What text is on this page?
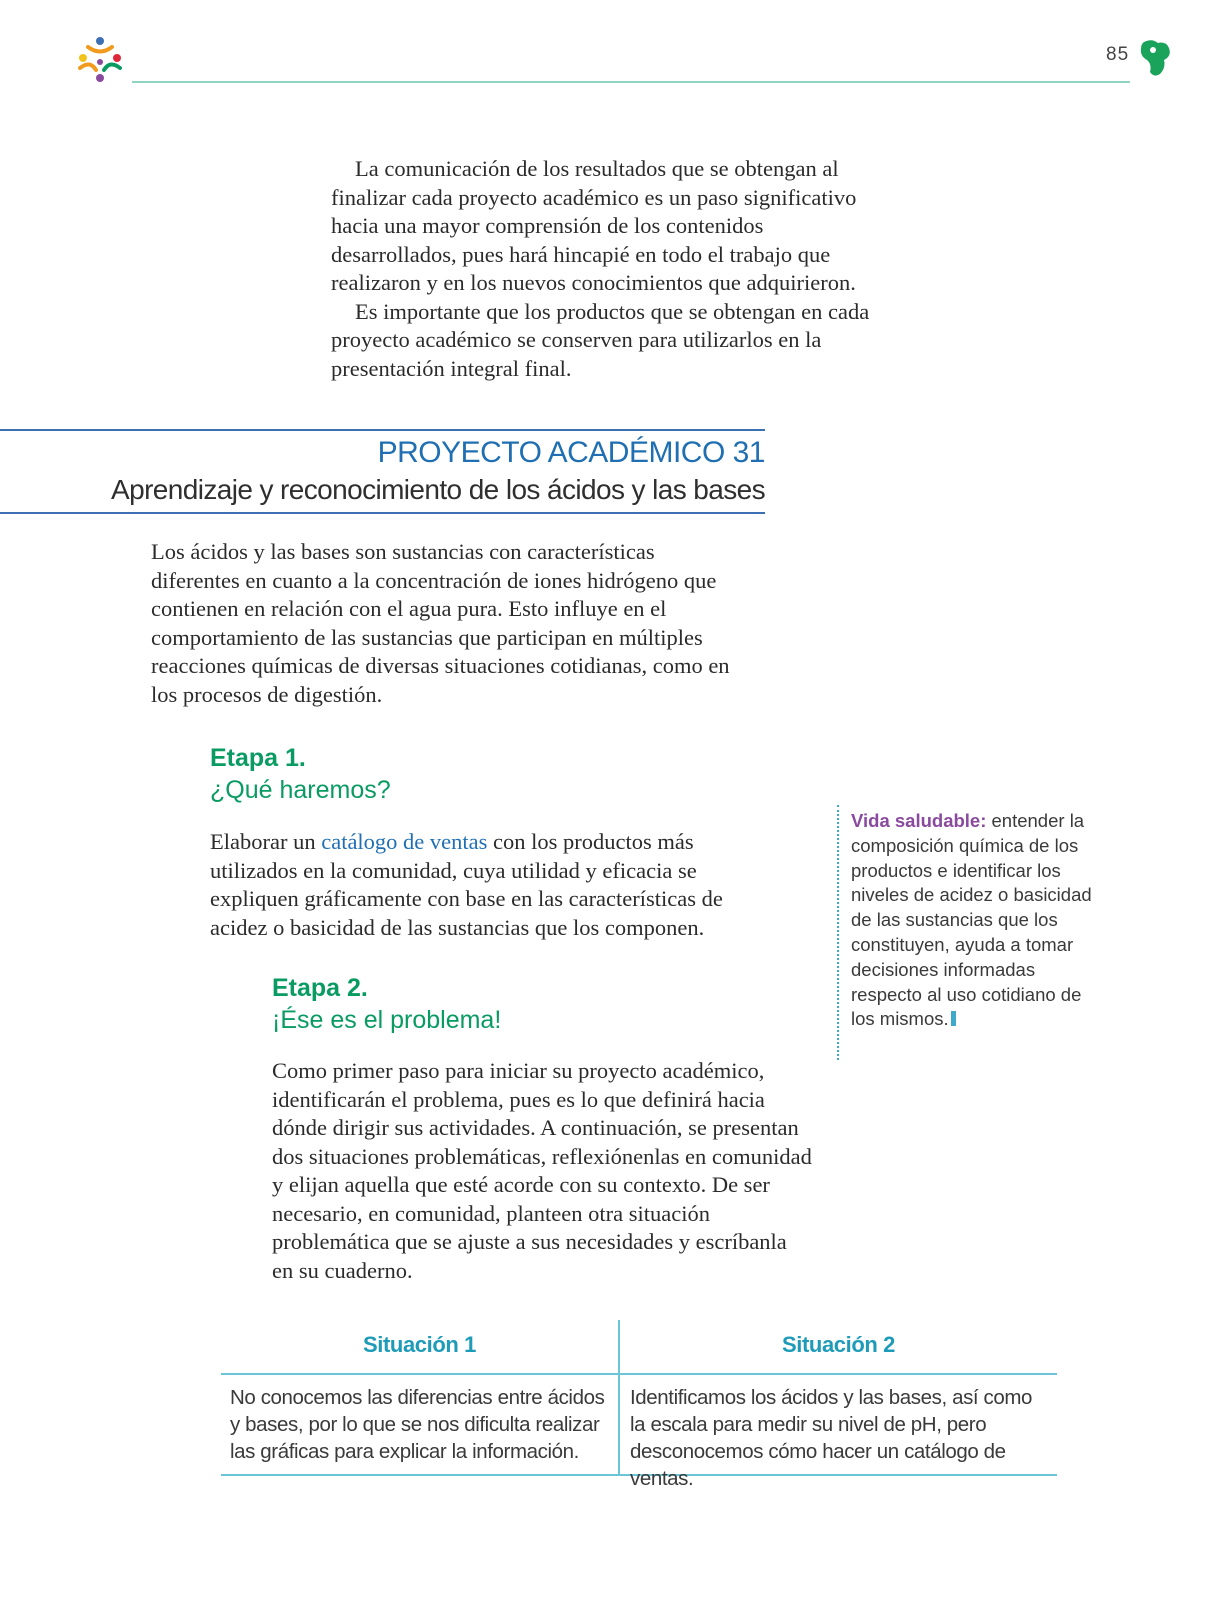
85

La comunicación de los resultados que se obtengan al finalizar cada proyecto académico es un paso significativo hacia una mayor comprensión de los contenidos desarrollados, pues hará hincapié en todo el trabajo que realizaron y en los nuevos conocimientos que adquirieron.

Es importante que los productos que se obtengan en cada proyecto académico se conserven para utilizarlos en la presentación integral final.

PROYECTO ACADÉMICO 31
Aprendizaje y reconocimiento de los ácidos y las bases
Los ácidos y las bases son sustancias con características diferentes en cuanto a la concentración de iones hidrógeno que contienen en relación con el agua pura. Esto influye en el comportamiento de las sustancias que participan en múltiples reacciones químicas de diversas situaciones cotidianas, como en los procesos de digestión.
Etapa 1.
¿Qué haremos?
Elaborar un catálogo de ventas con los productos más utilizados en la comunidad, cuya utilidad y eficacia se expliquen gráficamente con base en las características de acidez o basicidad de las sustancias que los componen.
Etapa 2.
¡Ése es el problema!
Como primer paso para iniciar su proyecto académico, identificarán el problema, pues es lo que definirá hacia dónde dirigir sus actividades. A continuación, se presentan dos situaciones problemáticas, reflexiónenlas en comunidad y elijan aquella que esté acorde con su contexto. De ser necesario, en comunidad, planteen otra situación problemática que se ajuste a sus necesidades y escríbanla en su cuaderno.
Vida saludable: entender la composición química de los productos e identificar los niveles de acidez o basicidad de las sustancias que los constituyen, ayuda a tomar decisiones informadas respecto al uso cotidiano de los mismos.
Situación 1	Situación 2
No conocemos las diferencias entre ácidos y bases, por lo que se nos dificulta realizar las gráficas para explicar la información.
Identificamos los ácidos y las bases, así como la escala para medir su nivel de pH, pero desconocemos cómo hacer un catálogo de ventas.
